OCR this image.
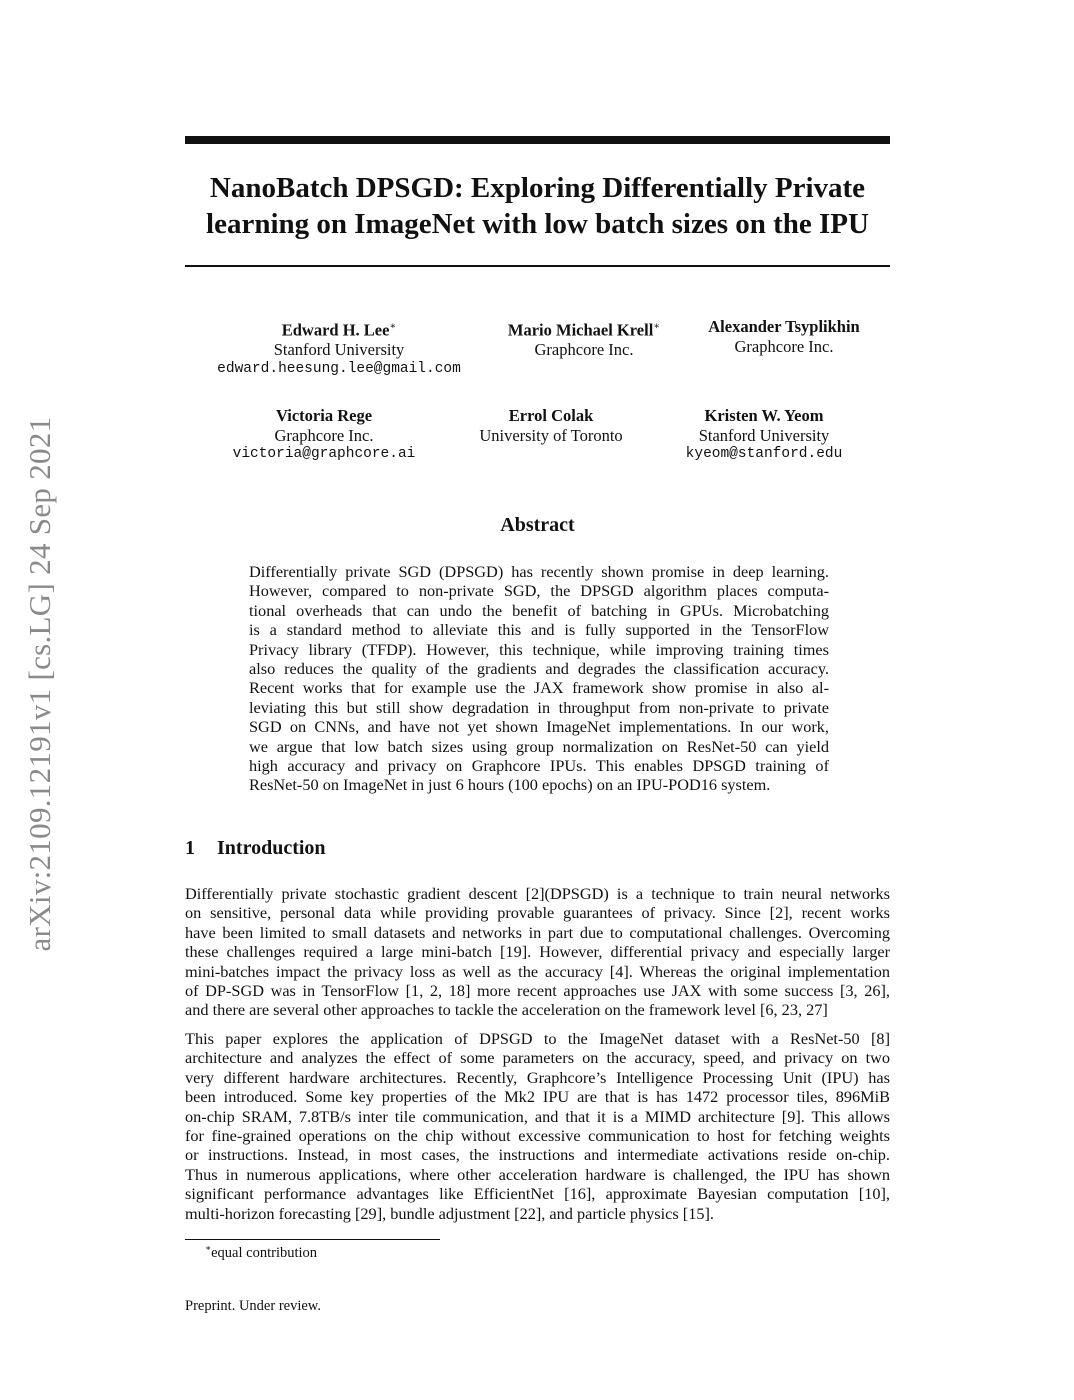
arXiv:2109.12191v1 [cs.LG] 24 Sep 2021
NanoBatch DPSGD: Exploring Differentially Private
learning on ImageNet with low batch sizes on the IPU
Edward H. Lee∗
Stanford University
edward.heesung.lee@gmail.com
Mario Michael Krell∗
Graphcore Inc.
Alexander Tsyplikhin
Graphcore Inc.
Victoria Rege
Graphcore Inc.
victoria@graphcore.ai
Errol Colak
University of Toronto
Kristen W. Yeom
Stanford University
kyeom@stanford.edu
Abstract
Differentially private SGD (DPSGD) has recently shown promise in deep learning.
However, compared to non-private SGD, the DPSGD algorithm places computa-
tional overheads that can undo the benefit of batching in GPUs. Microbatching
is a standard method to alleviate this and is fully supported in the TensorFlow
Privacy library (TFDP). However, this technique, while improving training times
also reduces the quality of the gradients and degrades the classification accuracy.
Recent works that for example use the JAX framework show promise in also al-
leviating this but still show degradation in throughput from non-private to private
SGD on CNNs, and have not yet shown ImageNet implementations. In our work,
we argue that low batch sizes using group normalization on ResNet-50 can yield
high accuracy and privacy on Graphcore IPUs. This enables DPSGD training of
ResNet-50 on ImageNet in just 6 hours (100 epochs) on an IPU-POD16 system.
1 Introduction
Differentially private stochastic gradient descent [2](DPSGD) is a technique to train neural networks
on sensitive, personal data while providing provable guarantees of privacy. Since [2], recent works
have been limited to small datasets and networks in part due to computational challenges. Overcoming
these challenges required a large mini-batch [19]. However, differential privacy and especially larger
mini-batches impact the privacy loss as well as the accuracy [4]. Whereas the original implementation
of DP-SGD was in TensorFlow [1, 2, 18] more recent approaches use JAX with some success [3, 26],
and there are several other approaches to tackle the acceleration on the framework level [6, 23, 27]
This paper explores the application of DPSGD to the ImageNet dataset with a ResNet-50 [8]
architecture and analyzes the effect of some parameters on the accuracy, speed, and privacy on two
very different hardware architectures. Recently, Graphcore’s Intelligence Processing Unit (IPU) has
been introduced. Some key properties of the Mk2 IPU are that is has 1472 processor tiles, 896MiB
on-chip SRAM, 7.8TB/s inter tile communication, and that it is a MIMD architecture [9]. This allows
for fine-grained operations on the chip without excessive communication to host for fetching weights
or instructions. Instead, in most cases, the instructions and intermediate activations reside on-chip.
Thus in numerous applications, where other acceleration hardware is challenged, the IPU has shown
significant performance advantages like EfficientNet [16], approximate Bayesian computation [10],
multi-horizon forecasting [29], bundle adjustment [22], and particle physics [15].
∗equal contribution
Preprint. Under review.
